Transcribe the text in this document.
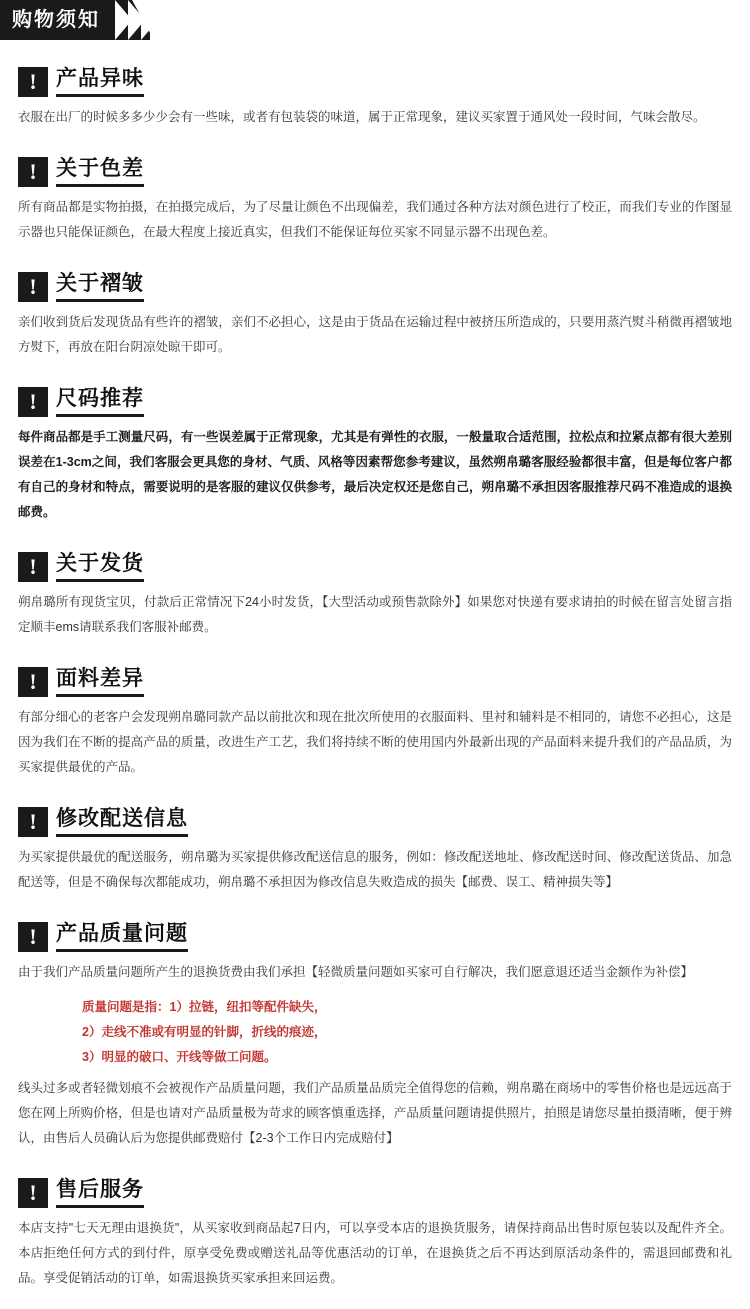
购物须知
! 产品异味

衣服在出厂的时候多多少少会有一些味，或者有包装袋的味道，属于正常现象，建议买家置于通风处一段时间，气味会散尽。

! 关于色差

所有商品都是实物拍摄，在拍摄完成后，为了尽量让颜色不出现偏差，我们通过各种方法对颜色进行了校正，而我们专业的作图显示器也只能保证颜色，在最大程度上接近真实，但我们不能保证每位买家不同显示器不出现色差。

! 关于褶皱

亲们收到货后发现货品有些许的褶皱，亲们不必担心，这是由于货品在运输过程中被挤压所造成的，只要用蒸汽熨斗稍微再褶皱地方熨下，再放在阳台阴凉处晾干即可。

! 尺码推荐

每件商品都是手工测量尺码，有一些误差属于正常现象，尤其是有弹性的衣服，一般量取合适范围，拉松点和拉紧点都有很大差别误差在1-3cm之间，我们客服会更具您的身材、气质、风格等因素帮您参考建议，虽然朔帛璐客服经验都很丰富，但是每位客户都有自己的身材和特点，需要说明的是客服的建议仅供参考，最后决定权还是您自己，朔帛璐不承担因客服推荐尺码不准造成的退换邮费。

! 关于发货

朔帛璐所有现货宝贝，付款后正常情况下24小时发货，【大型活动或预售款除外】如果您对快递有要求请拍的时候在留言处留言指定顺丰ems请联系我们客服补邮费。

! 面料差异

有部分细心的老客户会发现朔帛璐同款产品以前批次和现在批次所使用的衣服面料、里衬和辅料是不相同的，请您不必担心，这是因为我们在不断的提高产品的质量，改进生产工艺，我们将持续不断的使用国内外最新出现的产品面料来提升我们的产品品质，为买家提供最优的产品。

! 修改配送信息

为买家提供最优的配送服务，朔帛璐为买家提供修改配送信息的服务，例如：修改配送地址、修改配送时间、修改配送货品、加急配送等，但是不确保每次都能成功，朔帛璐不承担因为修改信息失败造成的损失【邮费、误工、精神损失等】

! 产品质量问题

由于我们产品质量问题所产生的退换货费由我们承担【轻微质量问题如买家可自行解决，我们愿意退还适当金额作为补偿】

质量问题是指：1）拉链，纽扣等配件缺失，
2）走线不准或有明显的针脚，折线的痕迹，

3）明显的破口、开线等做工问题。

线头过多或者轻微划痕不会被视作产品质量问题，我们产品质量品质完全值得您的信赖，朔帛璐在商场中的零售价格也是远远高于您在网上所购价格，但是也请对产品质量极为苛求的顾客慎重选择，产品质量问题请提供照片，拍照是请您尽量拍摄清晰，便于辨认，由售后人员确认后为您提供邮费赔付【2-3个工作日内完成赔付】

! 售后服务

本店支持"七天无理由退换货"，从买家收到商品起7日内，可以享受本店的退换货服务，请保持商品出售时原包装以及配件齐全。本店拒绝任何方式的到付件，原享受免费或赠送礼品等优惠活动的订单，在退换货之后不再达到原活动条件的，需退回邮费和礼品。享受促销活动的订单，如需退换货买家承担来回运费。
